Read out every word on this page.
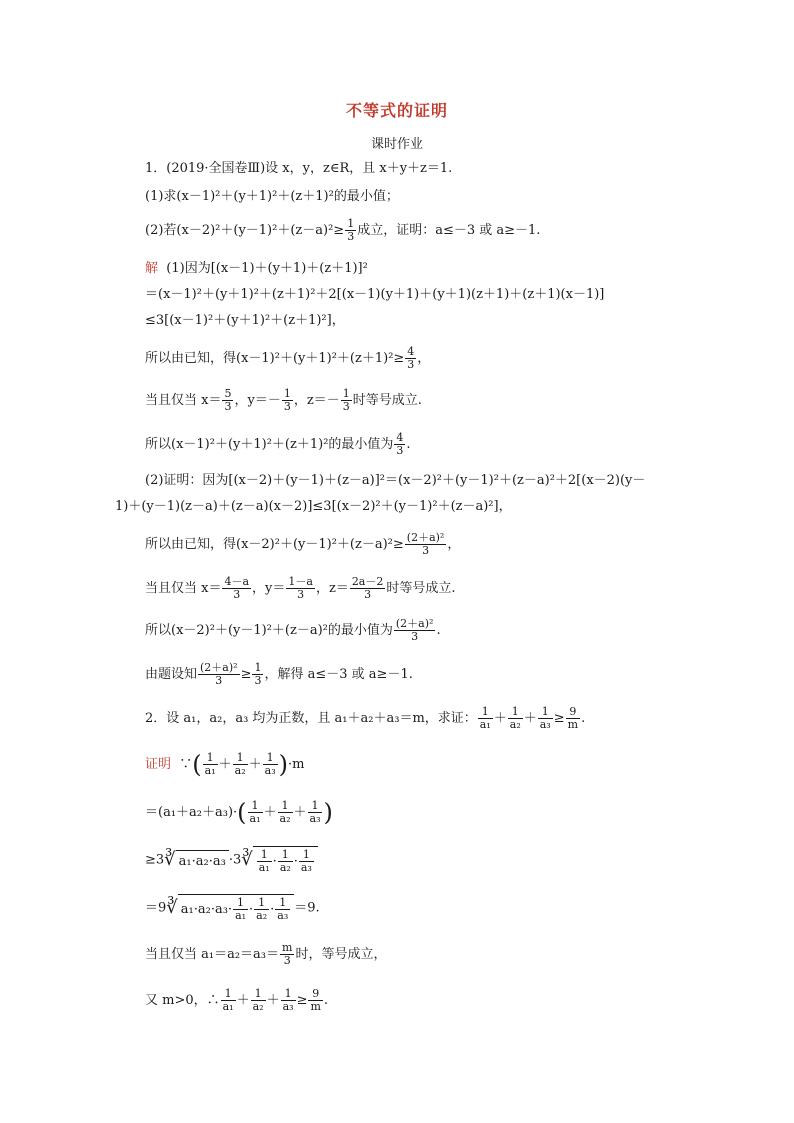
不等式的证明
课时作业
1．(2019·全国卷Ⅲ)设 x，y，z∈R，且 x＋y＋z＝1.
(1)求(x－1)²＋(y＋1)²＋(z＋1)²的最小值；
(2)若$(x-2)^2+(y-1)^2+(z-a)^2\ge \frac{1}{3}$ 成立，证明：a≤－3 或 a≥－1.
解 (1)因为[(x－1)＋(y＋1)＋(z＋1)]²
＝(x－1)²＋(y＋1)²＋(z＋1)²＋2[(x－1)(y＋1)＋(y＋1)(z＋1)＋(z＋1)(x－1)]
≤3[(x－1)²＋(y＋1)²＋(z＋1)²]，
所以由已知，得$(x-1)^2+(y+1)^2+(z+1)^2\ge \frac{4}{3}$ ，
当且仅当 $x= \frac{5}{3}$ ，$y=- \frac{1}{3}$ ，$z=- \frac{1}{3}$ 时等号成立.
所以(x－1)²＋(y＋1)²＋(z＋1)²的最小值为 $\frac{4}{3}$ .
(2)证明：因为[(x－2)＋(y－1)＋(z－a)]²＝(x－2)²＋(y－1)²＋(z－a)²＋2[(x－2)(y－
1)＋(y－1)(z－a)＋(z－a)(x－2)]≤3[(x－2)²＋(y－1)²＋(z－a)²]，
所以由已知，得$(x-2)^2+(y-1)^2+(z-a)^2\ge \frac{\text{(2＋a)²}}{3}$ ，
当且仅当 $x= \frac{4-a}{3}$ ，$y= \frac{1-a}{3}$ ，$z= \frac{2a-2}{3}$ 时等号成立.
所以(x－2)²＋(y－1)²＋(z－a)²的最小值为 $\frac{\text{(2＋a)²}}{3}$ .
由题设知 $\frac{\text{(2＋a)²}}{3} \ge \frac{1}{3}$ ，解得 a≤－3 或 a≥－1.
2．设 a₁，a₂，a₃ 均为正数，且 a₁＋a₂＋a₃＝m，求证： $\frac{1}{\text{a₁}} + \frac{1}{\text{a₂}} + \frac{1}{\text{a₃}} \ge \frac{9}{m}$ .
证明 ∵( $\frac{1}{\text{a₁}} + \frac{1}{\text{a₂}} + \frac{1}{\text{a₃}} )\cdot m$
$=(a_1+a_2+a_3)\cdot( \frac{1}{\text{a₁}} + \frac{1}{\text{a₂}} + \frac{1}{\text{a₃}}$ )
≥3∛ a₁·a₂·a₃ ·3∛ $\frac{1}{\text{a₁}} \cdot \frac{1}{\text{a₂}} \cdot \frac{1}{\text{a₃}}$
＝9∛ $a_1\cdot a_2\cdot a_3\cdot \frac{1}{\text{a₁}} \cdot \frac{1}{\text{a₂}} \cdot \frac{1}{\text{a₃}} =9$.
当且仅当 $a_1=a_2=a_3= \frac{m}{3}$ 时，等号成立，
又 m>0，∴ $\frac{1}{\text{a₁}} + \frac{1}{\text{a₂}} + \frac{1}{\text{a₃}} \ge \frac{9}{m}$ .
